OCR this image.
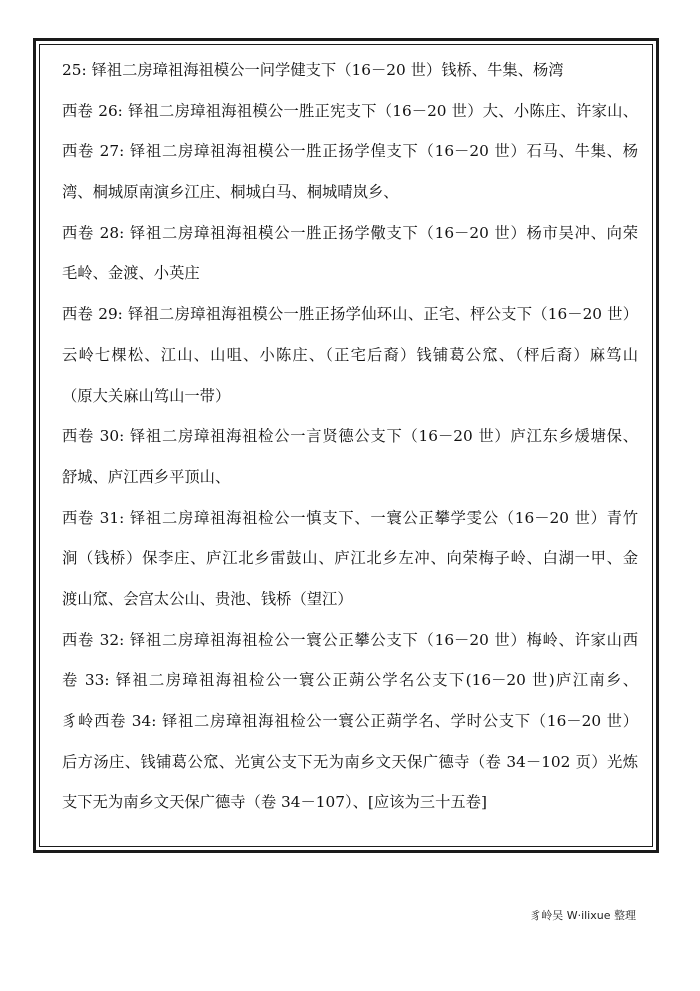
25: 铎祖二房璋祖海祖模公一问学健支下（16－20 世）钱桥、牛集、杨湾
西卷 26: 铎祖二房璋祖海祖模公一胜正宪支下（16－20 世）大、小陈庄、许家山、
西卷 27: 铎祖二房璋祖海祖模公一胜正扬学偟支下（16－20 世）石马、牛集、杨
湾、桐城原南演乡江庄、桐城白马、桐城晴岚乡、
西卷 28: 铎祖二房璋祖海祖模公一胜正扬学儆支下（16－20 世）杨市吴冲、向荣
毛岭、金渡、小英庄
西卷 29: 铎祖二房璋祖海祖模公一胜正扬学仙环山、正宅、枰公支下（16－20 世）
云岭七棵松、江山、山咀、小陈庄、（正宅后裔）钱铺葛公窊、（枰后裔）麻笃山
（原大关麻山笃山一带）
西卷 30: 铎祖二房璋祖海祖检公一言贤德公支下（16－20 世）庐江东乡煖塘保、
舒城、庐江西乡平顶山、
西卷 31: 铎祖二房璋祖海祖检公一慎支下、一寰公正攀学雯公（16－20 世）青竹
涧（钱桥）保李庄、庐江北乡雷鼓山、庐江北乡左冲、向荣梅子岭、白湖一甲、金
渡山窊、会宫太公山、贵池、钱桥（望江）
西卷 32: 铎祖二房璋祖海祖检公一寰公正攀公支下（16－20 世）梅岭、许家山西
卷 33: 铎祖二房璋祖海祖检公一寰公正蒴公学名公支下(16－20 世)庐江南乡、
豸岭西卷 34: 铎祖二房璋祖海祖检公一寰公正蒴学名、学时公支下（16－20 世）
后方汤庄、钱铺葛公窊、光寅公支下无为南乡文天保广德寺（卷 34－102 页）光炼
支下无为南乡文天保广德寺（卷 34－107）、[应该为三十五卷]
豸岭吴 W·ilixue 整理
